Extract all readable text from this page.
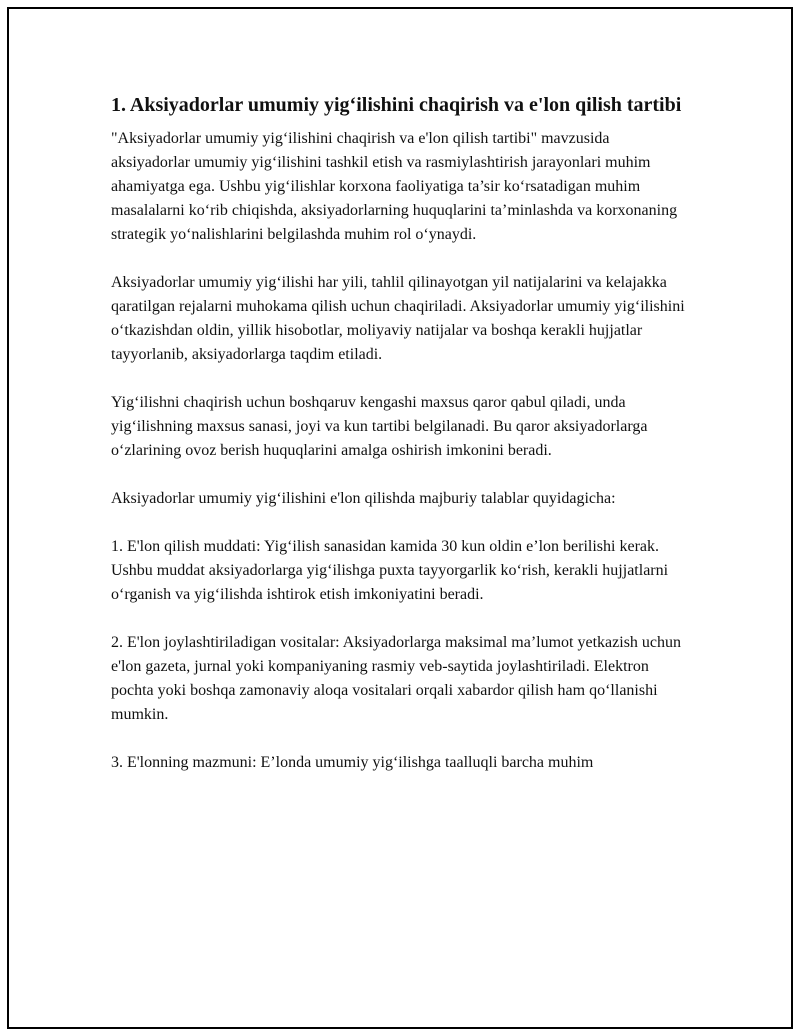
1. Aksiyadorlar umumiy yig‘ilishini chaqirish va e'lon qilish tartibi

"Aksiyadorlar umumiy yig‘ilishini chaqirish va e'lon qilish tartibi" mavzusida aksiyadorlar umumiy yig‘ilishini tashkil etish va rasmiylashtirish jarayonlari muhim ahamiyatga ega. Ushbu yig‘ilishlar korxona faoliyatiga ta’sir ko‘rsatadigan muhim masalalarni ko‘rib chiqishda, aksiyadorlarning huquqlarini ta’minlashda va korxonaning strategik yo‘nalishlarini belgilashda muhim rol o‘ynaydi.

Aksiyadorlar umumiy yig‘ilishi har yili, tahlil qilinayotgan yil natijalarini va kelajakka qaratilgan rejalarni muhokama qilish uchun chaqiriladi. Aksiyadorlar umumiy yig‘ilishini o‘tkazishdan oldin, yillik hisobotlar, moliyaviy natijalar va boshqa kerakli hujjatlar tayyorlanib, aksiyadorlarga taqdim etiladi.

Yig‘ilishni chaqirish uchun boshqaruv kengashi maxsus qaror qabul qiladi, unda yig‘ilishning maxsus sanasi, joyi va kun tartibi belgilanadi. Bu qaror aksiyadorlarga o‘zlarining ovoz berish huquqlarini amalga oshirish imkonini beradi.

Aksiyadorlar umumiy yig‘ilishini e'lon qilishda majburiy talablar quyidagicha:

1. E'lon qilish muddati: Yig‘ilish sanasidan kamida 30 kun oldin e’lon berilishi kerak. Ushbu muddat aksiyadorlarga yig‘ilishga puxta tayyorgarlik ko‘rish, kerakli hujjatlarni o‘rganish va yig‘ilishda ishtirok etish imkoniyatini beradi.

2. E'lon joylashtiriladigan vositalar: Aksiyadorlarga maksimal ma’lumot yetkazish uchun e'lon gazeta, jurnal yoki kompaniyaning rasmiy veb-saytida joylashtiriladi. Elektron pochta yoki boshqa zamonaviy aloqa vositalari orqali xabardor qilish ham qo‘llanishi mumkin.

3. E'lonning mazmuni: E’londa umumiy yig‘ilishga taalluqli barcha muhim
